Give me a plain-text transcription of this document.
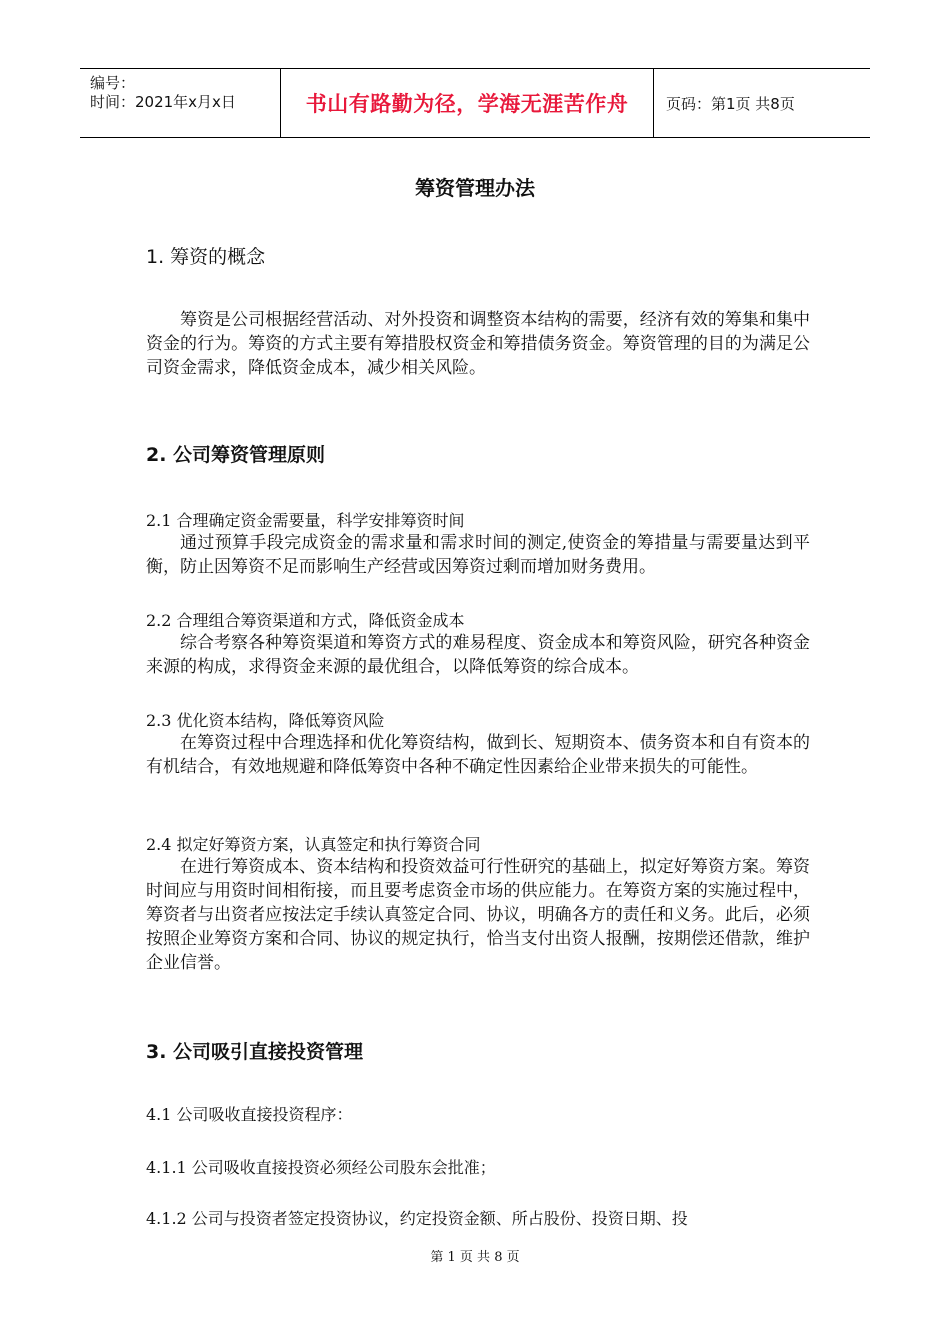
编号：
时间：2021年x月x日	书山有路勤为径，学海无涯苦作舟	页码：第1页 共8页
筹资管理办法
1. 筹资的概念

筹资是公司根据经营活动、对外投资和调整资本结构的需要，经济有效的筹集和集中资金的行为。筹资的方式主要有筹措股权资金和筹措债务资金。筹资管理的目的为满足公司资金需求，降低资金成本，减少相关风险。

2. 公司筹资管理原则
2.1 合理确定资金需要量，科学安排筹资时间

通过预算手段完成资金的需求量和需求时间的测定,使资金的筹措量与需要量达到平衡，防止因筹资不足而影响生产经营或因筹资过剩而增加财务费用。

2.2 合理组合筹资渠道和方式，降低资金成本

综合考察各种筹资渠道和筹资方式的难易程度、资金成本和筹资风险，研究各种资金来源的构成，求得资金来源的最优组合，以降低筹资的综合成本。

2.3 优化资本结构，降低筹资风险

在筹资过程中合理选择和优化筹资结构，做到长、短期资本、债务资本和自有资本的有机结合，有效地规避和降低筹资中各种不确定性因素给企业带来损失的可能性。

2.4 拟定好筹资方案，认真签定和执行筹资合同

在进行筹资成本、资本结构和投资效益可行性研究的基础上，拟定好筹资方案。筹资时间应与用资时间相衔接，而且要考虑资金市场的供应能力。在筹资方案的实施过程中，筹资者与出资者应按法定手续认真签定合同、协议，明确各方的责任和义务。此后，必须按照企业筹资方案和合同、协议的规定执行，恰当支付出资人报酬，按期偿还借款，维护企业信誉。

3. 公司吸引直接投资管理
4.1 公司吸收直接投资程序：
4.1.1 公司吸收直接投资必须经公司股东会批准；
4.1.2 公司与投资者签定投资协议，约定投资金额、所占股份、投资日期、投
第 1 页 共 8 页
